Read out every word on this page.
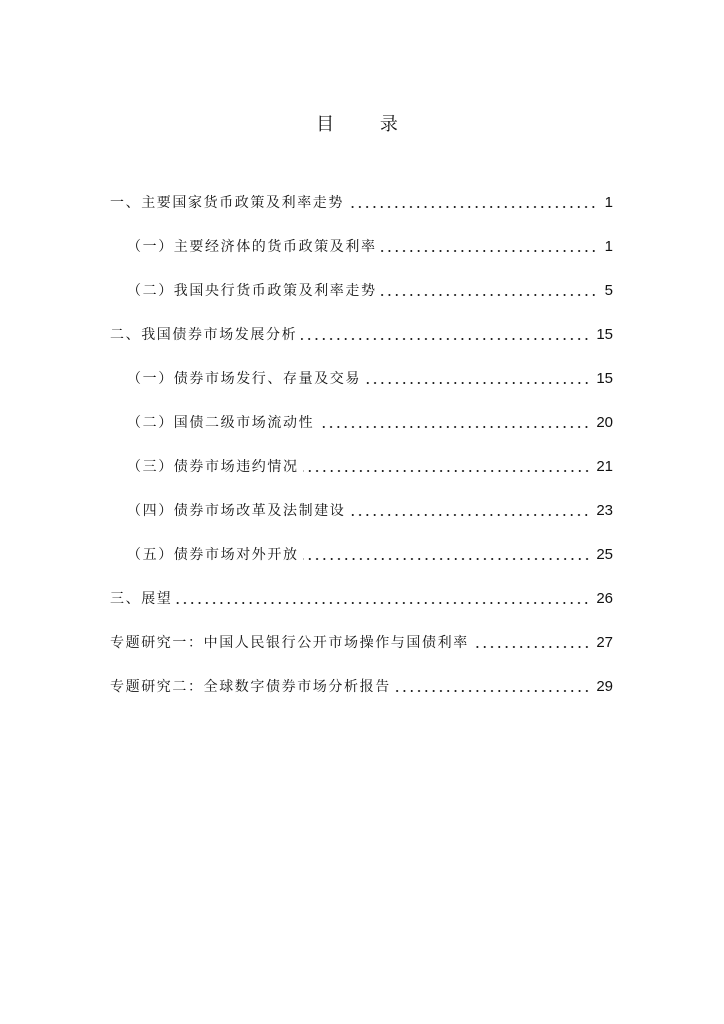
目 录
一、主要国家货币政策及利率走势	1
（一）主要经济体的货币政策及利率	1
（二）我国央行货币政策及利率走势	5
二、我国债券市场发展分析	15
（一）债券市场发行、存量及交易	15
（二）国债二级市场流动性	20
（三）债券市场违约情况	21
（四）债券市场改革及法制建设	23
（五）债券市场对外开放	25
三、展望	26
专题研究一：中国人民银行公开市场操作与国债利率	27
专题研究二：全球数字债券市场分析报告	29
